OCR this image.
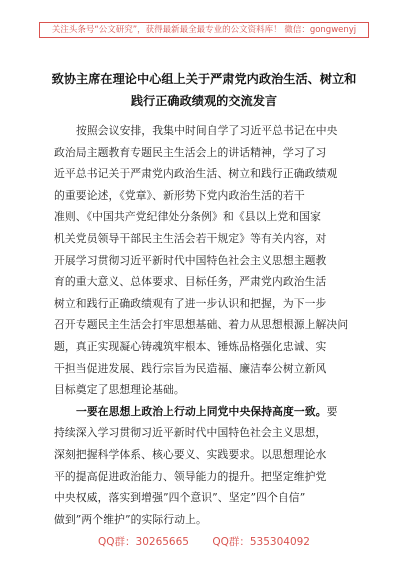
关注头条号“公文研究”，获得最新最全最专业的公文资料库！ 微信：gongwenyj
致协主席在理论中心组上关于严肃党内政治生活、树立和
践行正确政绩观的交流发言
按照会议安排，我集中时间自学了习近平总书记在中央
政治局主题教育专题民主生活会上的讲话精神，学习了习
近平总书记关于严肃党内政治生活、树立和践行正确政绩观
的重要论述，《党章》、新形势下党内政治生活的若干
准则、《中国共产党纪律处分条例》和《县以上党和国家
机关党员领导干部民主生活会若干规定》等有关内容，对
开展学习贯彻习近平新时代中国特色社会主义思想主题教
育的重大意义、总体要求、目标任务，严肃党内政治生活
树立和践行正确政绩观有了进一步认识和把握，为下一步
召开专题民主生活会打牢思想基础、着力从思想根源上解决问
题，真正实现凝心铸魂筑牢根本、锤炼品格强化忠诚、实
干担当促进发展、践行宗旨为民造福、廉洁奉公树立新风
目标奠定了思想理论基础。
一要在思想上政治上行动上同党中央保持高度一致。要
持续深入学习贯彻习近平新时代中国特色社会主义思想，
深刻把握科学体系、核心要义、实践要求。以思想理论水
平的提高促进政治能力、领导能力的提升。把坚定维护党
中央权威，落实到增强”四个意识”、坚定”四个自信”
做到”两个维护”的实际行动上。
QQ群：30265665 QQ群：535304092
